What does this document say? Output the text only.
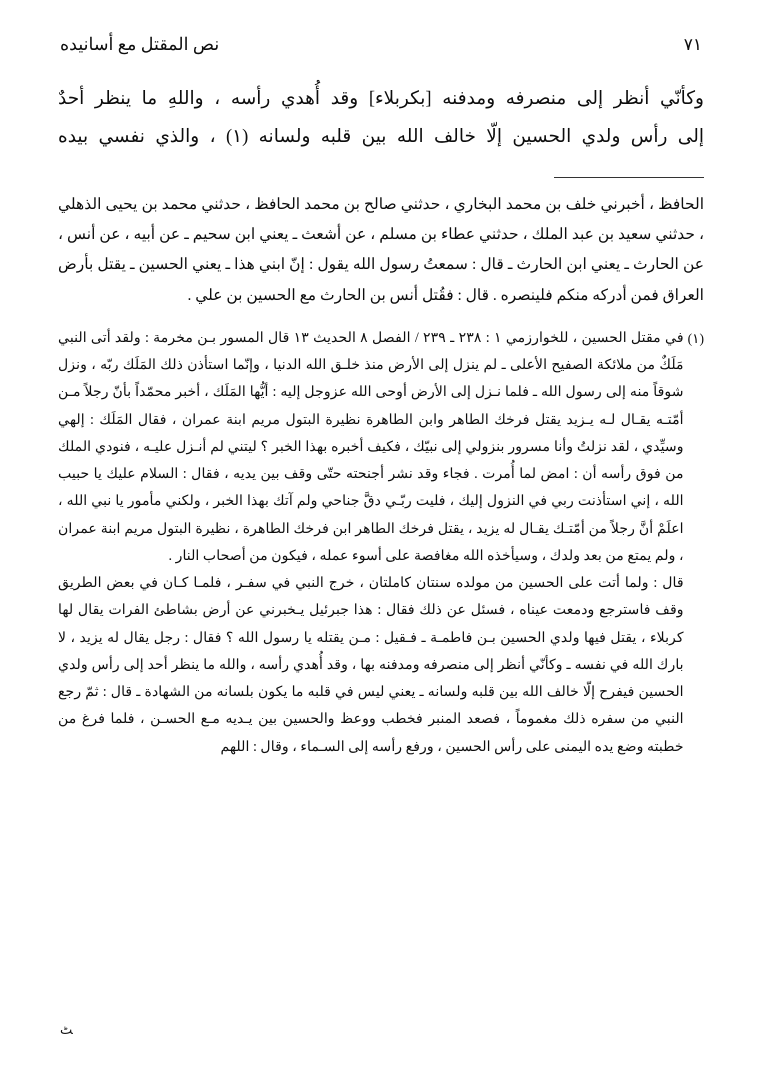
نص المقتل مع أسانيده	٧١

وكأنّي أنظر إلى منصرفه ومدفنه [بكربلاء] وقد أُهدي رأسه ، واللهِ ما ينظر أحدٌ

إلى رأس ولدي الحسين إلّا خالف الله بين قلبه ولسانه (١) ، والذي نفسي بيده

الحافظ ، أخبرني خلف بن محمد البخاري ، حدثني صالح بن محمد الحافظ ، حدثني محمد بن يحيى الذهلي ، حدثني سعيد بن عبد الملك ، حدثني عطاء بن مسلم ، عن أشعث ـ يعني ابن سحيم ـ عن أبيه ، عن أنس ، عن الحارث ـ يعني ابن الحارث ـ قال : سمعتُ رسول الله يقول : إنّ ابني هذا ـ يعني الحسين ـ يقتل بأرض العراق فمن أدركه منكم فلينصره . قال : فقُتل أنس بن الحارث مع الحسين بن علي .

(١)

في مقتل الحسين ، للخوارزمي ١ : ٢٣٨ ـ ٢٣٩ / الفصل ٨ الحديث ١٣ قال المسور بـن مخرمة : ولقد أتى النبي مَلَكٌ من ملائكة الصفيح الأعلى ـ لم ينزل إلى الأرض منذ خلـق الله الدنيا ، وإنّما استأذن ذلك المَلَك ربّه ، ونزل شوقاً منه إلى رسول الله ـ فلما نـزل إلى الأرض أوحى الله عزوجل إليه : أيُّها المَلَك ، أخبر محمّداً بأنّ رجلاً مـن أمّتـه يقـال لـه يـزيد يقتل فرخك الطاهر وابن الطاهرة نظيرة البتول مريم ابنة عمران ، فقال المَلَك : إلهي وسيِّدي ، لقد نزلتُ وأنا مسرور بنزولي إلى نبيّك ، فكيف أخبره بهذا الخبر ؟ ليتني لم أنـزل عليـه ، فنودي الملك من فوق رأسه أن : امض لما أُمرت . فجاء وقد نشر أجنحته حتّى وقف بين يديه ، فقال : السلام عليك يا حبيب الله ، إني استأذنت ربي في النزول إليك ، فليت ربّـي دقَّ جناحي ولم آتك بهذا الخبر ، ولكني مأمور يا نبي الله ، اعلَمْ أنَّ رجلاً من أمّتـك يقـال له يزيد ، يقتل فرخك الطاهر ابن فرخك الطاهرة ، نظيرة البتول مريم ابنة عمران ، ولم يمتع من بعد ولدك ، وسيأخذه الله مغافصة على أسوء عمله ، فيكون من أصحاب النار .

قال : ولما أتت على الحسين من مولده سنتان كاملتان ، خرج النبي في سفـر ، فلمـا كـان في بعض الطريق وقف فاسترجع ودمعت عيناه ، فسئل عن ذلك فقال : هذا جبرئيل يـخبرني عن أرض بشاطئ الفرات يقال لها كربلاء ، يقتل فيها ولدي الحسين بـن فاطمـة ـ فـقيل : مـن يقتله يا رسول الله ؟ فقال : رجل يقال له يزيد ، لا بارك الله في نفسه ـ وكأنّي أنظر إلى منصرفه ومدفنه بها ، وقد أُهدي رأسه ، والله ما ينظر أحد إلى رأس ولدي الحسين فيفرح إلّا خالف الله بين قلبه ولسانه ـ يعني ليس في قلبه ما يكون بلسانه من الشهادة ـ قال : ثمّ رجع النبي من سفره ذلك مغموماً ، فصعد المنبر فخطب ووعظ والحسين بين يـديه مـع الحسـن ، فلما فرغ من خطبته وضع يده اليمنى على رأس الحسين ، ورفع رأسه إلى السـماء ، وقال : اللهم

ﭧ
